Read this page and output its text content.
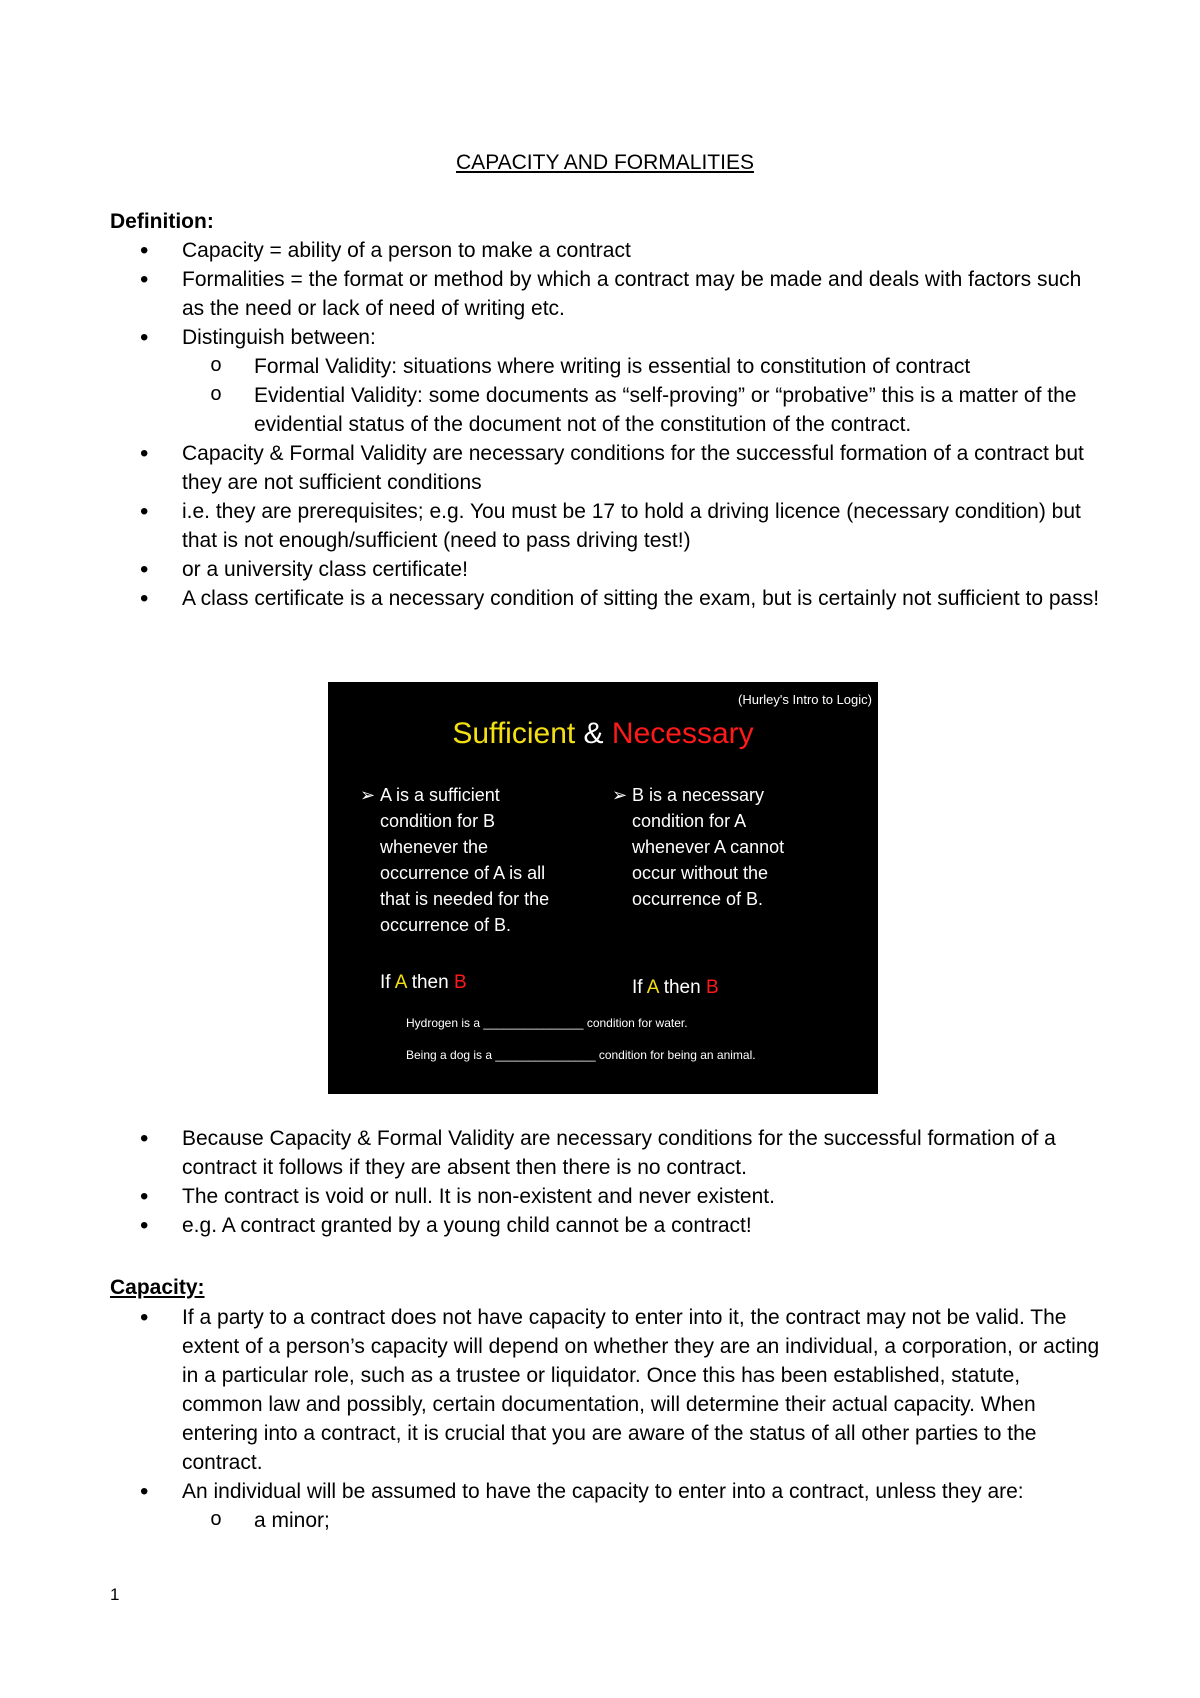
CAPACITY AND FORMALITIES
Definition:
• Capacity = ability of a person to make a contract
• Formalities = the format or method by which a contract may be made and deals with factors such as the need or lack of need of writing etc.
• Distinguish between:
o Formal Validity: situations where writing is essential to constitution of contract
o Evidential Validity: some documents as “self-proving” or “probative” this is a matter of the evidential status of the document not of the constitution of the contract.
• Capacity & Formal Validity are necessary conditions for the successful formation of a contract but they are not sufficient conditions
• i.e. they are prerequisites; e.g. You must be 17 to hold a driving licence (necessary condition) but that is not enough/sufficient (need to pass driving test!)
• or a university class certificate!
• A class certificate is a necessary condition of sitting the exam, but is certainly not sufficient to pass!
• Because Capacity & Formal Validity are necessary conditions for the successful formation of a contract it follows if they are absent then there is no contract.
• The contract is void or null. It is non-existent and never existent.
• e.g. A contract granted by a young child cannot be a contract!
Capacity:
• If a party to a contract does not have capacity to enter into it, the contract may not be valid. The extent of a person’s capacity will depend on whether they are an individual, a corporation, or acting in a particular role, such as a trustee or liquidator. Once this has been established, statute, common law and possibly, certain documentation, will determine their actual capacity. When entering into a contract, it is crucial that you are aware of the status of all other parties to the contract.
• An individual will be assumed to have the capacity to enter into a contract, unless they are:
o a minor;
(Hurley's Intro to Logic)
Sufficient & Necessary
➢ A is a sufficient
condition for B
whenever the
occurrence of A is all
that is needed for the
occurrence of B.
➢ B is a necessary
condition for A
whenever A cannot
occur without the
occurrence of B.
If A then B	If A then B
Hydrogen is a _______________ condition for water.
Being a dog is a _______________ condition for being an animal.
1
